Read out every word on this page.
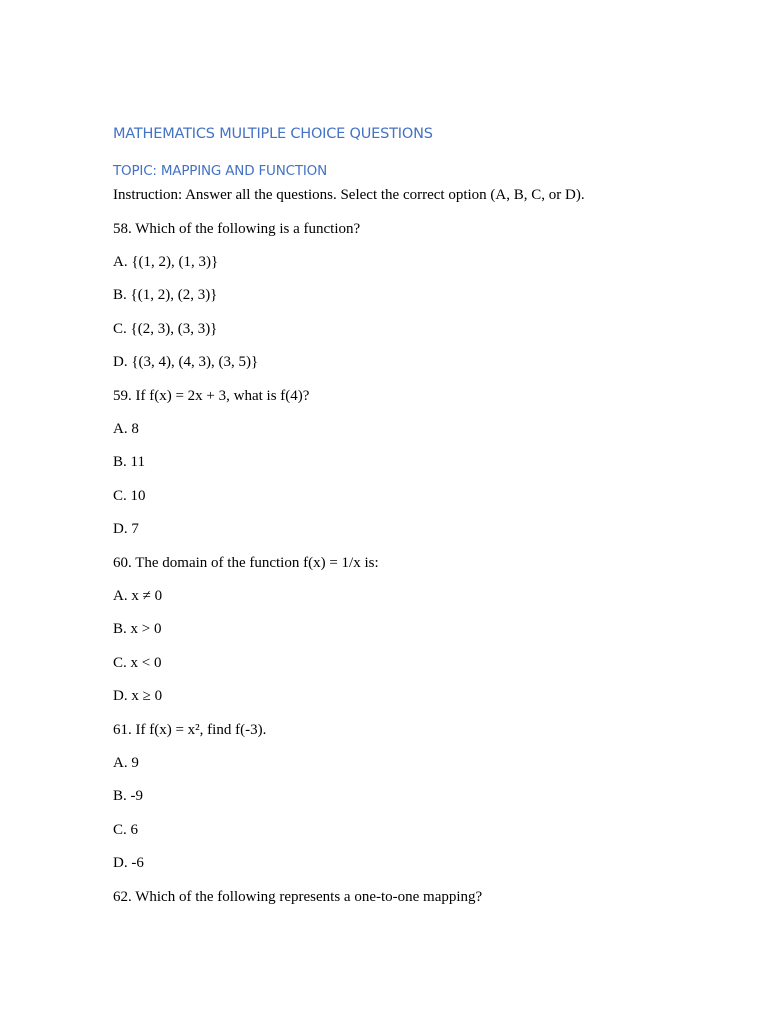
MATHEMATICS MULTIPLE CHOICE QUESTIONS
TOPIC: MAPPING AND FUNCTION
Instruction: Answer all the questions. Select the correct option (A, B, C, or D).
58. Which of the following is a function?
A. {(1, 2), (1, 3)}
B. {(1, 2), (2, 3)}
C. {(2, 3), (3, 3)}
D. {(3, 4), (4, 3), (3, 5)}
59. If f(x) = 2x + 3, what is f(4)?
A. 8
B. 11
C. 10
D. 7
60. The domain of the function f(x) = 1/x is:
A. x ≠ 0
B. x > 0
C. x < 0
D. x ≥ 0
61. If f(x) = x², find f(-3).
A. 9
B. -9
C. 6
D. -6
62. Which of the following represents a one-to-one mapping?
